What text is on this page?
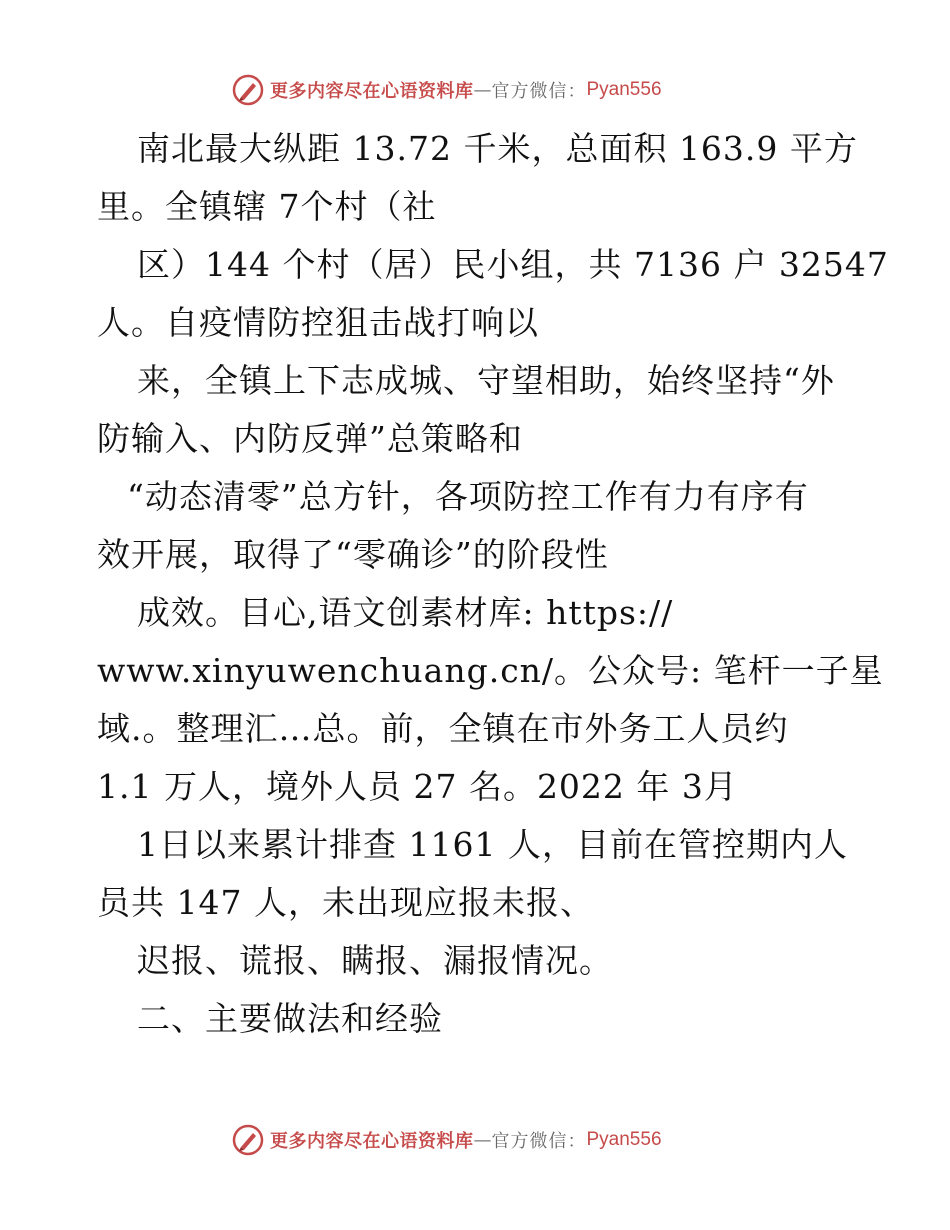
更多内容尽在心语资料库 — 官方微信： Pyan556
南北最大纵距 13.72 千米，总面积 163.9 平方
里。全镇辖 7个村（社
区）144 个村（居）民小组，共 7136 户 32547
人。自疫情防控狙击战打响以
来，全镇上下志成城、守望相助，始终坚持“外
防输入、内防反弹”总策略和
“动态清零”总方针，各项防控工作有力有序有
效开展，取得了“零确诊”的阶段性
成效。目心,语文创素材库: https://
www.xinyuwenchuang.cn/。公众号: 笔杆一子星
域.。整理汇…总。前，全镇在市外务工人员约
1.1 万人，境外人员 27 名。2022 年 3月
1日以来累计排查 1161 人，目前在管控期内人
员共 147 人，未出现应报未报、
迟报、谎报、瞒报、漏报情况。
二、主要做法和经验
更多内容尽在心语资料库 — 官方微信： Pyan556
